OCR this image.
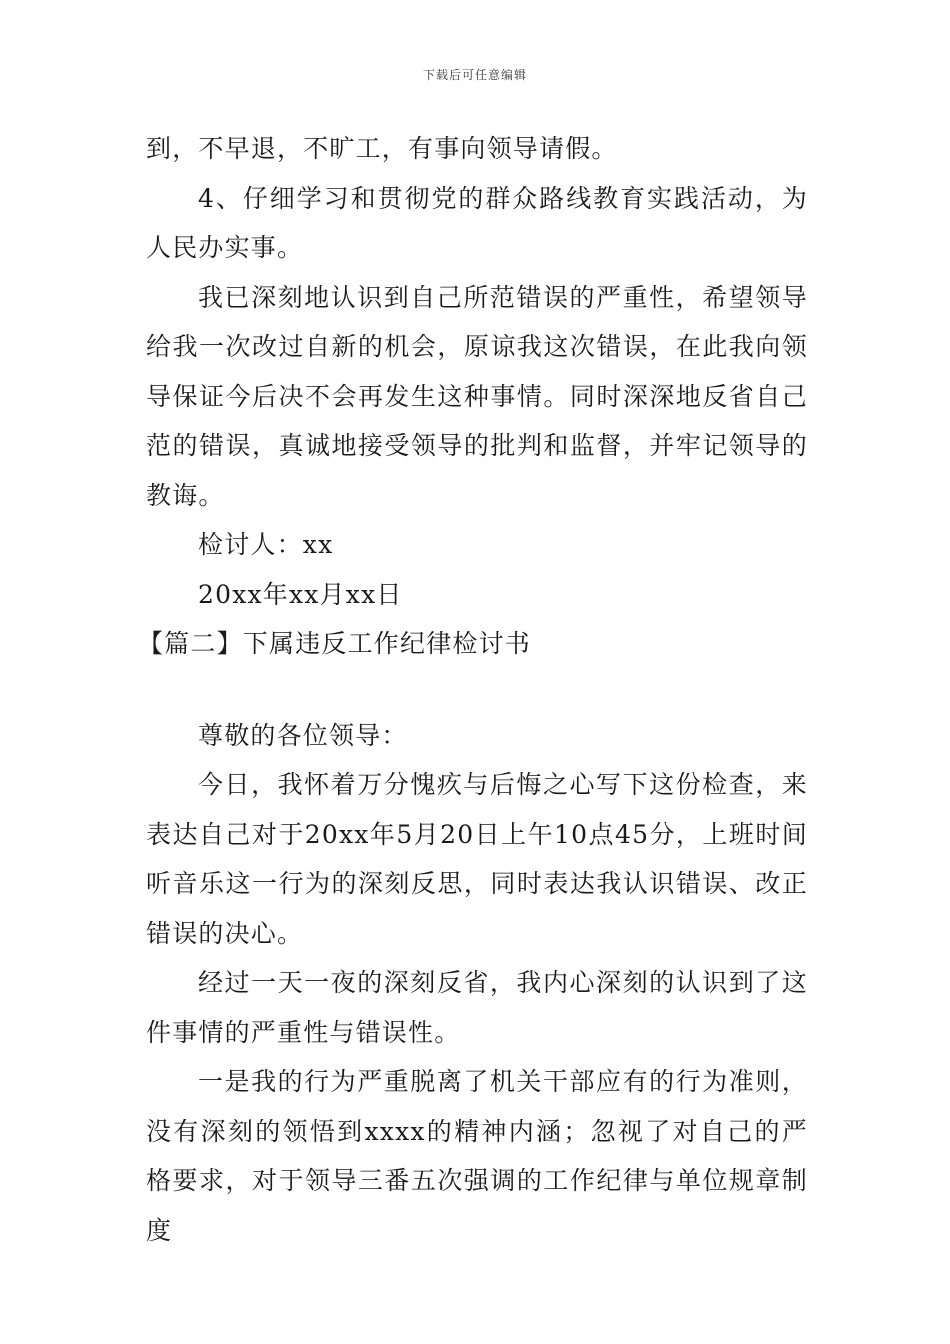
下载后可任意编辑

到，不早退，不旷工，有事向领导请假。

4、仔细学习和贯彻党的群众路线教育实践活动，为人民办实事。

我已深刻地认识到自己所范错误的严重性，希望领导给我一次改过自新的机会，原谅我这次错误，在此我向领导保证今后决不会再发生这种事情。同时深深地反省自己范的错误，真诚地接受领导的批判和监督，并牢记领导的教诲。

检讨人：xx

20xx年xx月xx日

【篇二】下属违反工作纪律检讨书

尊敬的各位领导：

今日，我怀着万分愧疚与后悔之心写下这份检查，来表达自己对于20xx年5月20日上午10点45分，上班时间听音乐这一行为的深刻反思，同时表达我认识错误、改正错误的决心。

经过一天一夜的深刻反省，我内心深刻的认识到了这件事情的严重性与错误性。

一是我的行为严重脱离了机关干部应有的行为准则，没有深刻的领悟到xxxx的精神内涵；忽视了对自己的严格要求，对于领导三番五次强调的工作纪律与单位规章制度
